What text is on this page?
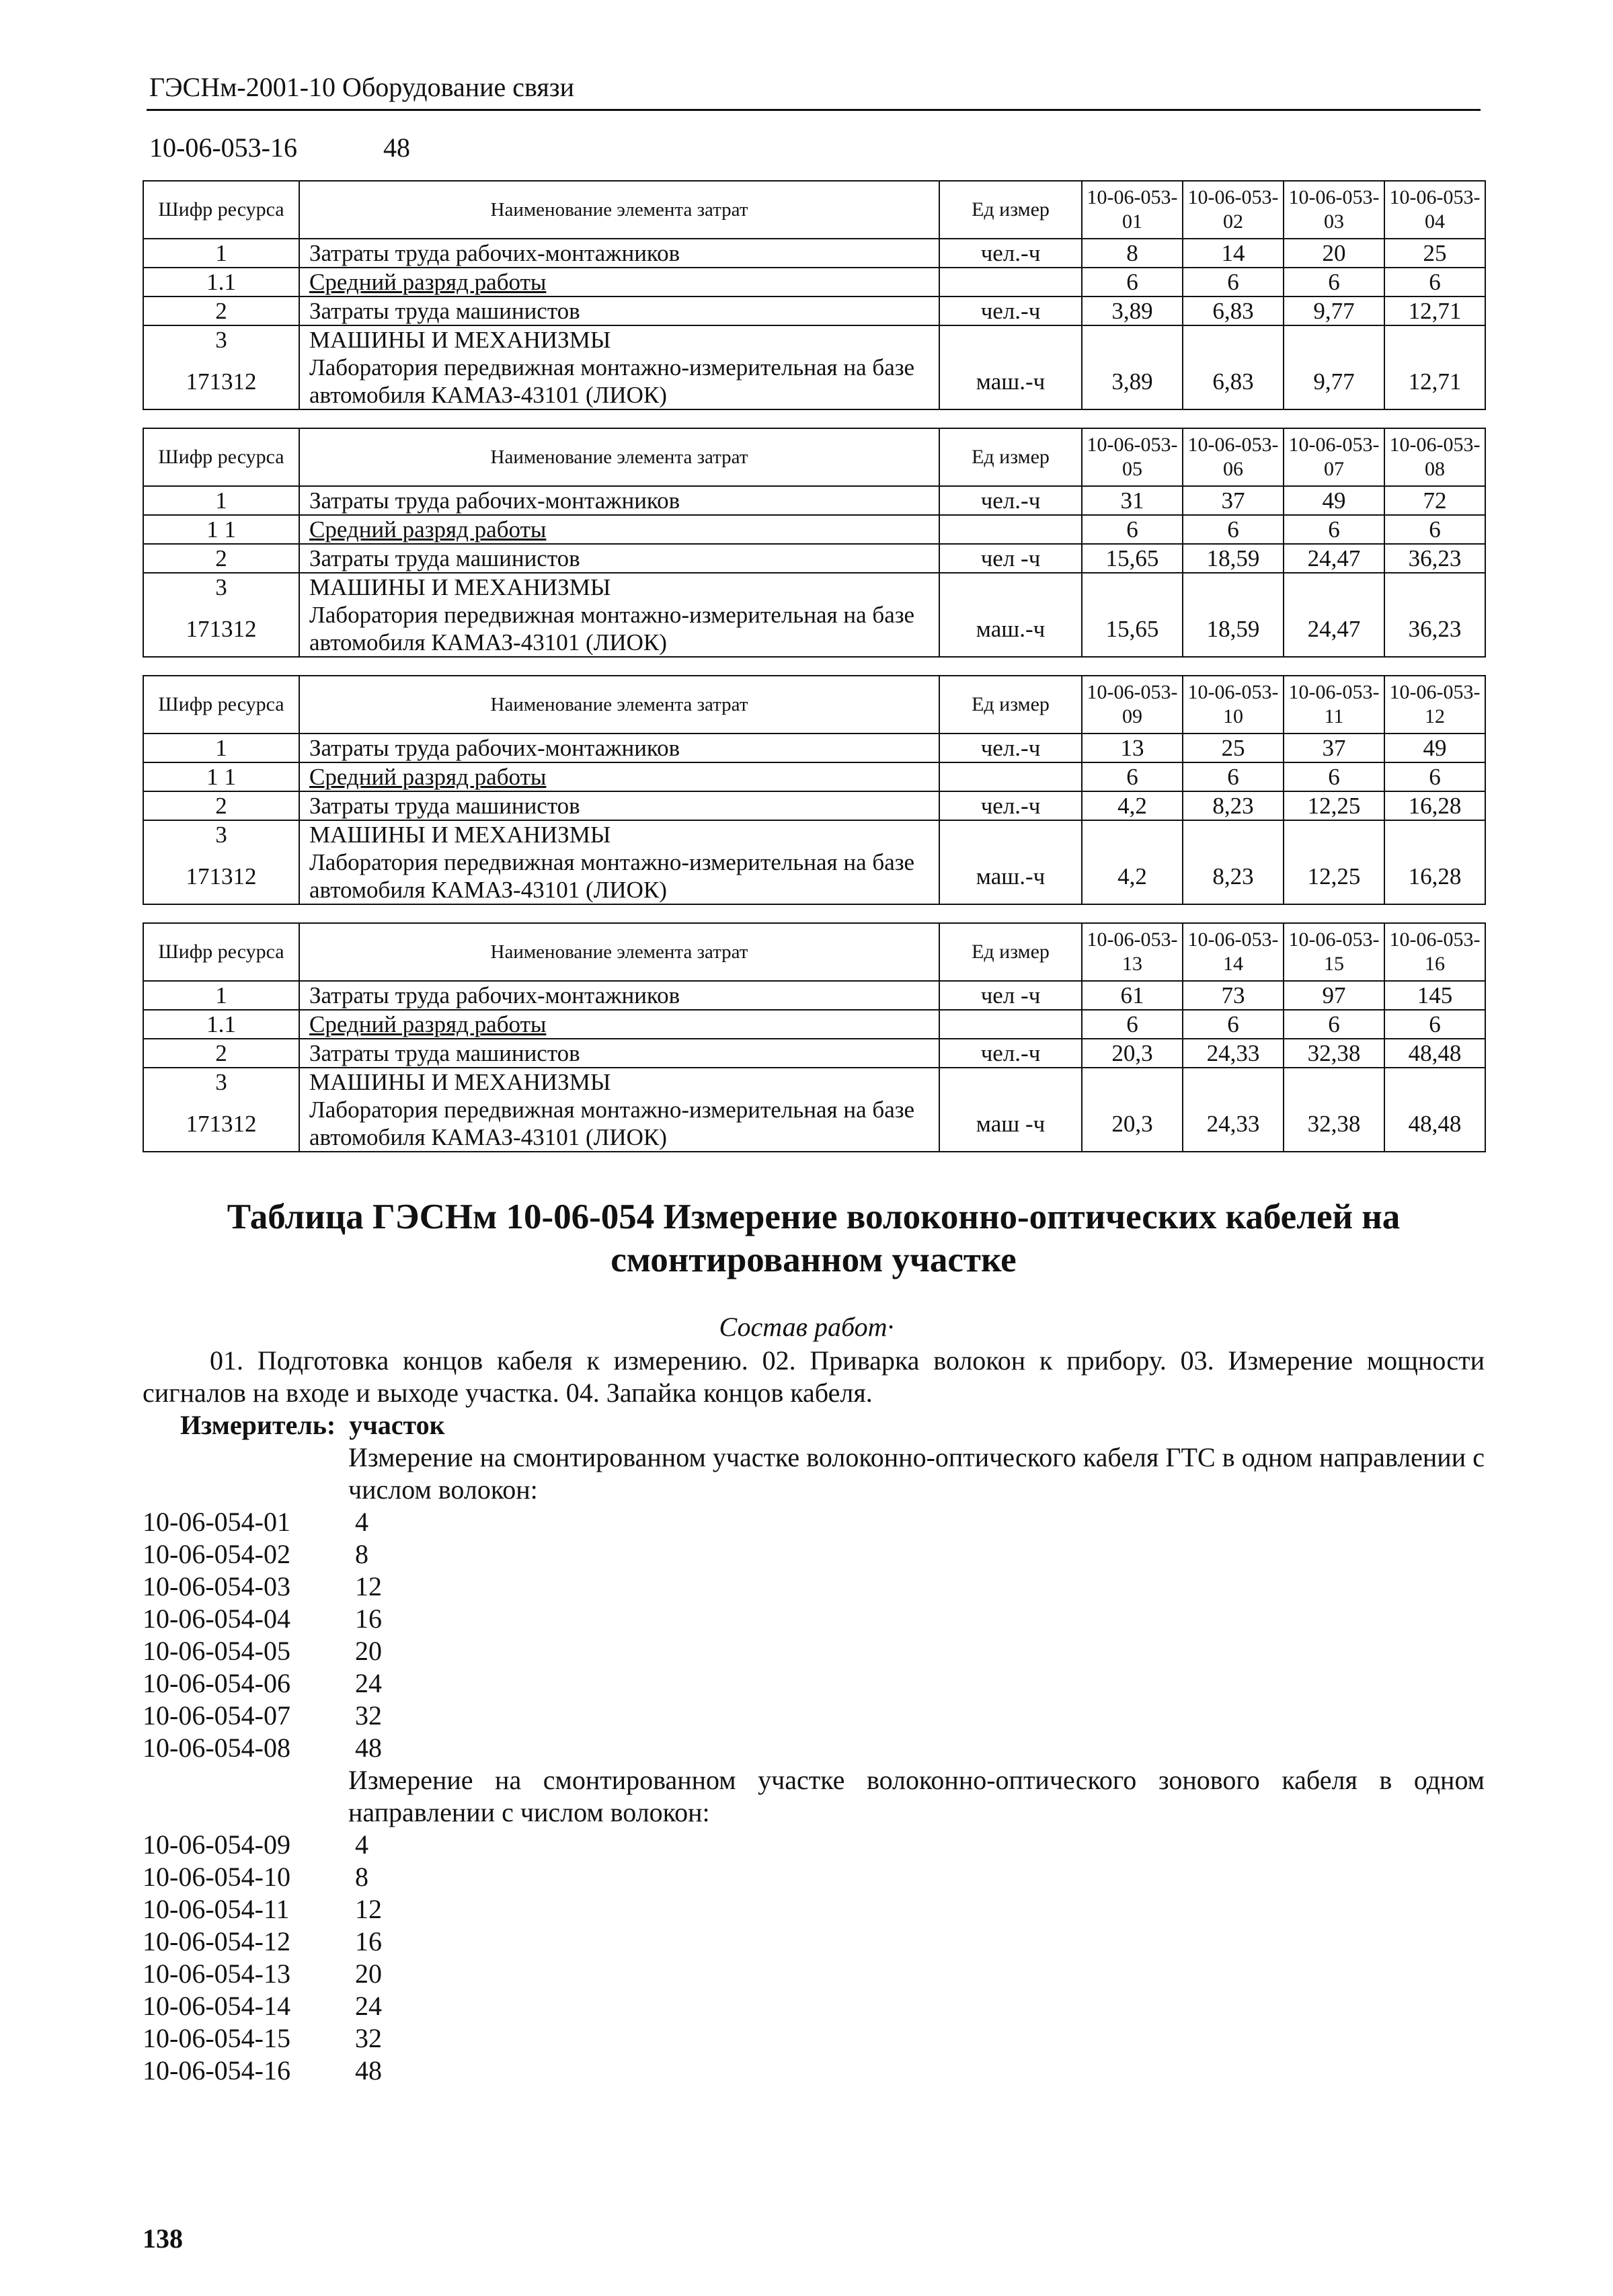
ГЭСНм-2001-10 Оборудование связи
10-06-053-16	48
Шифр ресурса	Наименование элемента затрат	Ед измер	10-06-053-01	10-06-053-02	10-06-053-03	10-06-053-04
1	Затраты труда рабочих-монтажников	чел.-ч	8	14	20	25
1.1	Средний разряд работы		6	6	6	6
2	Затраты труда машинистов	чел.-ч	3,89	6,83	9,77	12,71
3	МАШИНЫ И МЕХАНИЗМЫ					
171312	Лаборатория передвижная монтажно-измерительная на базе автомобиля КАМАЗ-43101 (ЛИОК)	маш.-ч	3,89	6,83	9,77	12,71
Шифр ресурса	Наименование элемента затрат	Ед измер	10-06-053-05	10-06-053-06	10-06-053-07	10-06-053-08
1	Затраты труда рабочих-монтажников	чел.-ч	31	37	49	72
1 1	Средний разряд работы		6	6	6	6
2	Затраты труда машинистов	чел -ч	15,65	18,59	24,47	36,23
3	МАШИНЫ И МЕХАНИЗМЫ					
171312	Лаборатория передвижная монтажно-измерительная на базе автомобиля КАМАЗ-43101 (ЛИОК)	маш.-ч	15,65	18,59	24,47	36,23
Шифр ресурса	Наименование элемента затрат	Ед измер	10-06-053-09	10-06-053-10	10-06-053-11	10-06-053-12
1	Затраты труда рабочих-монтажников	чел.-ч	13	25	37	49
1 1	Средний разряд работы		6	6	6	6
2	Затраты труда машинистов	чел.-ч	4,2	8,23	12,25	16,28
3	МАШИНЫ И МЕХАНИЗМЫ					
171312	Лаборатория передвижная монтажно-измерительная на базе автомобиля КАМАЗ-43101 (ЛИОК)	маш.-ч	4,2	8,23	12,25	16,28
Шифр ресурса	Наименование элемента затрат	Ед измер	10-06-053-13	10-06-053-14	10-06-053-15	10-06-053-16
1	Затраты труда рабочих-монтажников	чел -ч	61	73	97	145
1.1	Средний разряд работы		6	6	6	6
2	Затраты труда машинистов	чел.-ч	20,3	24,33	32,38	48,48
3	МАШИНЫ И МЕХАНИЗМЫ					
171312	Лаборатория передвижная монтажно-измерительная на базе автомобиля КАМАЗ-43101 (ЛИОК)	маш -ч	20,3	24,33	32,38	48,48
Таблица ГЭСНм 10-06-054 Измерение волоконно-оптических кабелей на смонтированном участке
Состав работ·
01. Подготовка концов кабеля к измерению. 02. Приварка волокон к прибору. 03. Измерение мощности сигналов на входе и выходе участка. 04. Запайка концов кабеля.
Измеритель: участок
Измерение на смонтированном участке волоконно-оптического кабеля ГТС в одном направлении с числом волокон:
10-06-054-01 4
10-06-054-02 8
10-06-054-03 12
10-06-054-04 16
10-06-054-05 20
10-06-054-06 24
10-06-054-07 32
10-06-054-08 48
Измерение на смонтированном участке волоконно-оптического зонового кабеля в одном направлении с числом волокон:
10-06-054-09 4
10-06-054-10 8
10-06-054-11 12
10-06-054-12 16
10-06-054-13 20
10-06-054-14 24
10-06-054-15 32
10-06-054-16 48
138
